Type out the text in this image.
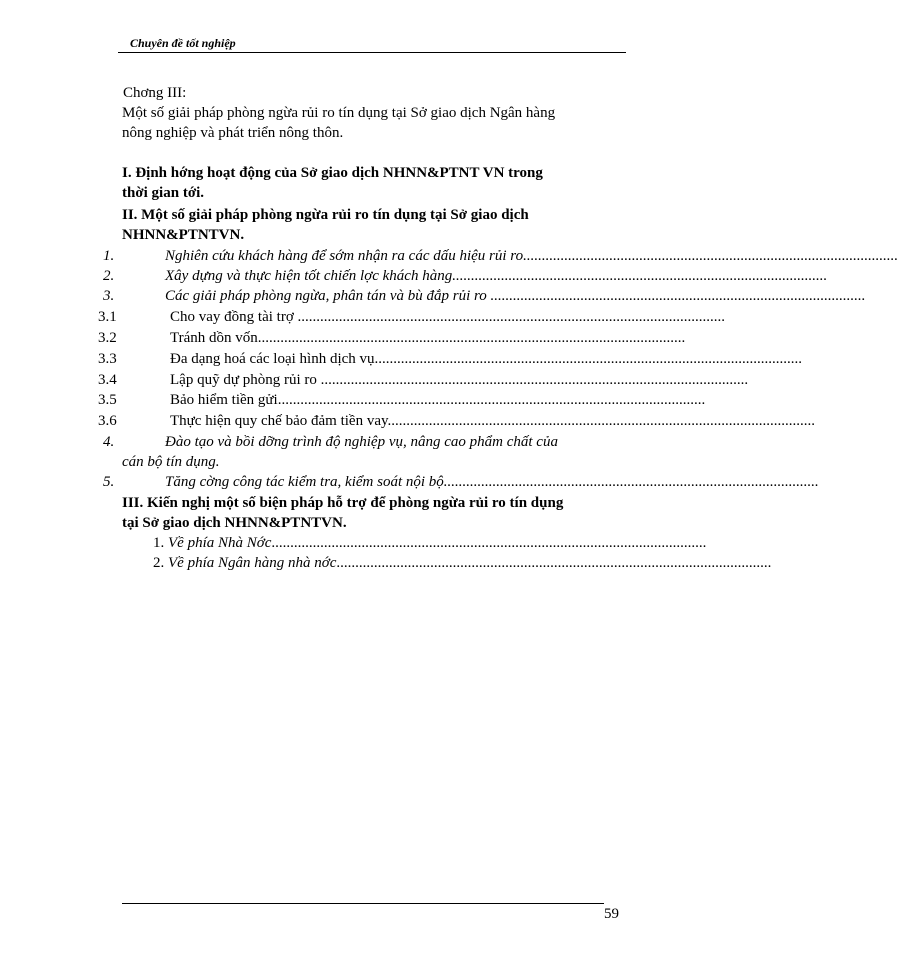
Chuyên đề tốt nghiệp
Chơng III:
Một số giải pháp phòng ngừa rủi ro tín dụng tại Sở giao dịch Ngân hàng
nông nghiệp và phát triển nông thôn.
I. Định hớng hoạt động của Sở giao dịch NHNN&PTNT VN trong
thời gian tới.
II. Một số giải pháp phòng ngừa rủi ro tín dụng tại Sở giao dịch
NHNN&PTNTVN.
1.	Nghiên cứu khách hàng để sớm nhận ra các dấu hiệu rủi ro....................................................................................................
2.	Xây dựng và thực hiện tốt chiến lợc khách hàng....................................................................................................
3.	Các giải pháp phòng ngừa, phân tán và bù đắp rủi ro ....................................................................................................
3.1	Cho vay đồng tài trợ ..................................................................................................................
3.2	Tránh dồn vốn..................................................................................................................
3.3	Đa dạng hoá các loại hình dịch vụ..................................................................................................................
3.4	Lập quỹ dự phòng rủi ro ..................................................................................................................
3.5	Bảo hiểm tiền gửi..................................................................................................................
3.6	Thực hiện quy chế bảo đảm tiền vay..................................................................................................................
4.	Đào tạo và bồi dỡng trình độ nghiệp vụ, nâng cao phẩm chất của
cán bộ tín dụng.
5.	Tăng cờng công tác kiểm tra, kiểm soát nội bộ....................................................................................................
III. Kiến nghị một số biện pháp hỗ trợ để phòng ngừa rủi ro tín dụng
tại Sở giao dịch NHNN&PTNTVN.
1. Về phía Nhà Nớc....................................................................................................................
2. Về phía Ngân hàng nhà nớc....................................................................................................................
59
